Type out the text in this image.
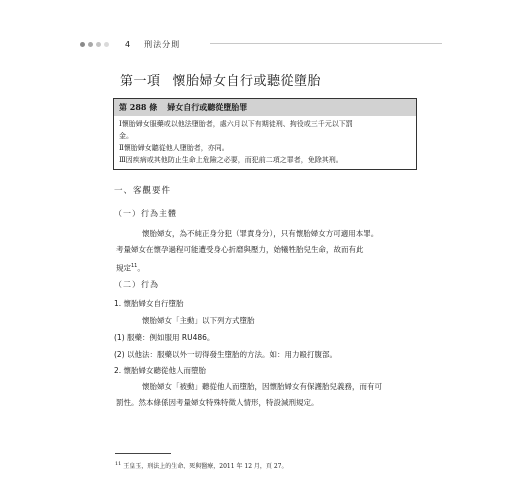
4 刑法分則
第一項 懷胎婦女自行或聽從墮胎
第 288 條 婦女自行或聽從墮胎罪
Ⅰ懷胎婦女服藥或以他法墮胎者，處六月以下有期徒刑、拘役或三千元以下罰
金。
Ⅱ懷胎婦女聽從他人墮胎者，亦同。
Ⅲ因疾病或其他防止生命上危險之必要，而犯前二項之罪者，免除其刑。
一、客觀要件
（一）行為主體
懷胎婦女，為不純正身分犯（罪責身分），只有懷胎婦女方可適用本罪。
考量婦女在懷孕過程可能遭受身心折磨與壓力，始犧牲胎兒生命，故而有此
規定$^{11}$。
（二）行為
1. 懷胎婦女自行墮胎
懷胎婦女「主動」以下列方式墮胎
(1) 服藥：例如服用 RU486。
(2) 以他法：服藥以外一切得發生墮胎的方法。如：用力毆打腹部。
2. 懷胎婦女聽從他人而墮胎
懷胎婦女「被動」聽從他人而墮胎，因懷胎婦女有保護胎兒義務，而有可
罰性。然本條係因考量婦女特殊特徵人情形，特設減刑規定。
$^{11}$ 王皇玉，刑法上的生命、死與醫療，2011 年 12 月，頁 27。
